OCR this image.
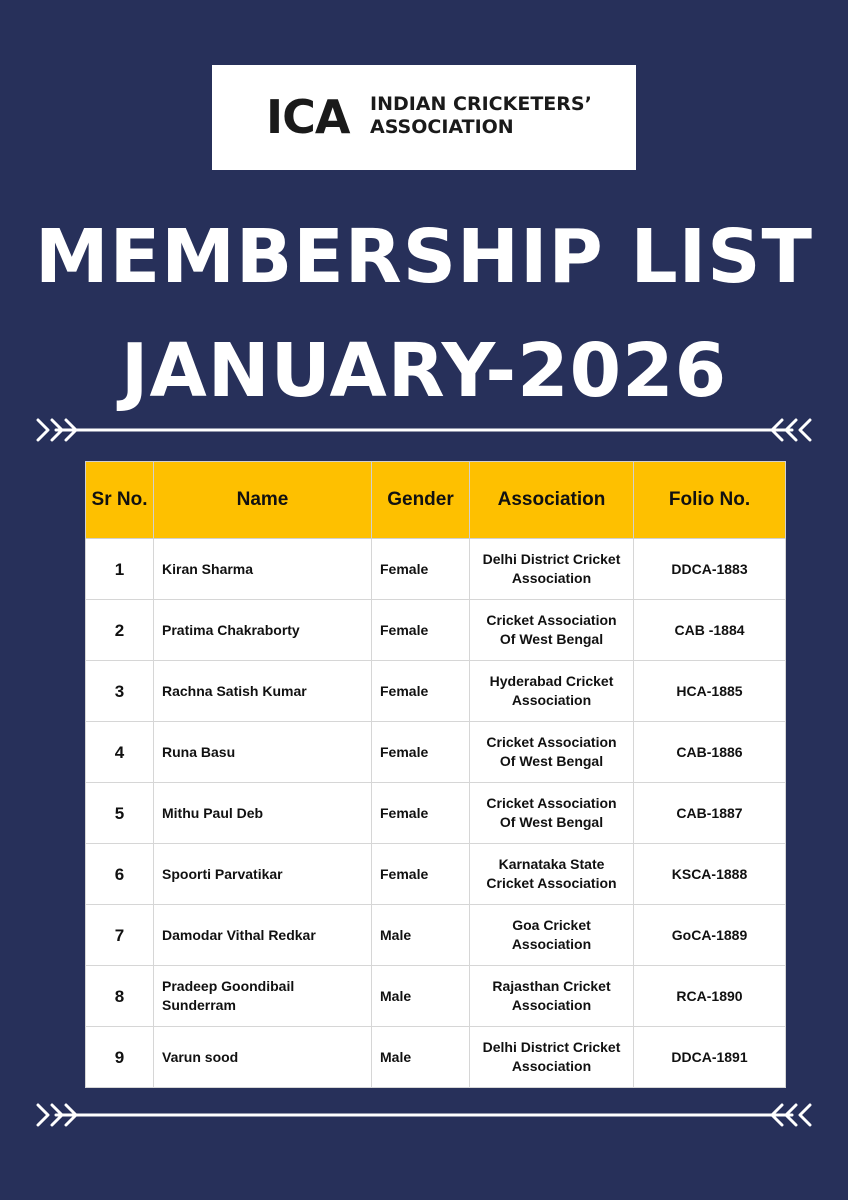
ICA INDIAN CRICKETERS’
ASSOCIATION
MEMBERSHIP LIST
JANUARY-2026
Sr No.	Name	Gender	Association	Folio No.
1	Kiran Sharma	Female	Delhi District Cricket Association	DDCA-1883
2	Pratima Chakraborty	Female	Cricket Association Of West Bengal	CAB -1884
3	Rachna Satish Kumar	Female	Hyderabad Cricket Association	HCA-1885
4	Runa Basu	Female	Cricket Association Of West Bengal	CAB-1886
5	Mithu Paul Deb	Female	Cricket Association Of West Bengal	CAB-1887
6	Spoorti Parvatikar	Female	Karnataka State Cricket Association	KSCA-1888
7	Damodar Vithal Redkar	Male	Goa Cricket Association	GoCA-1889
8	Pradeep Goondibail Sunderram	Male	Rajasthan Cricket Association	RCA-1890
9	Varun sood	Male	Delhi District Cricket Association	DDCA-1891
